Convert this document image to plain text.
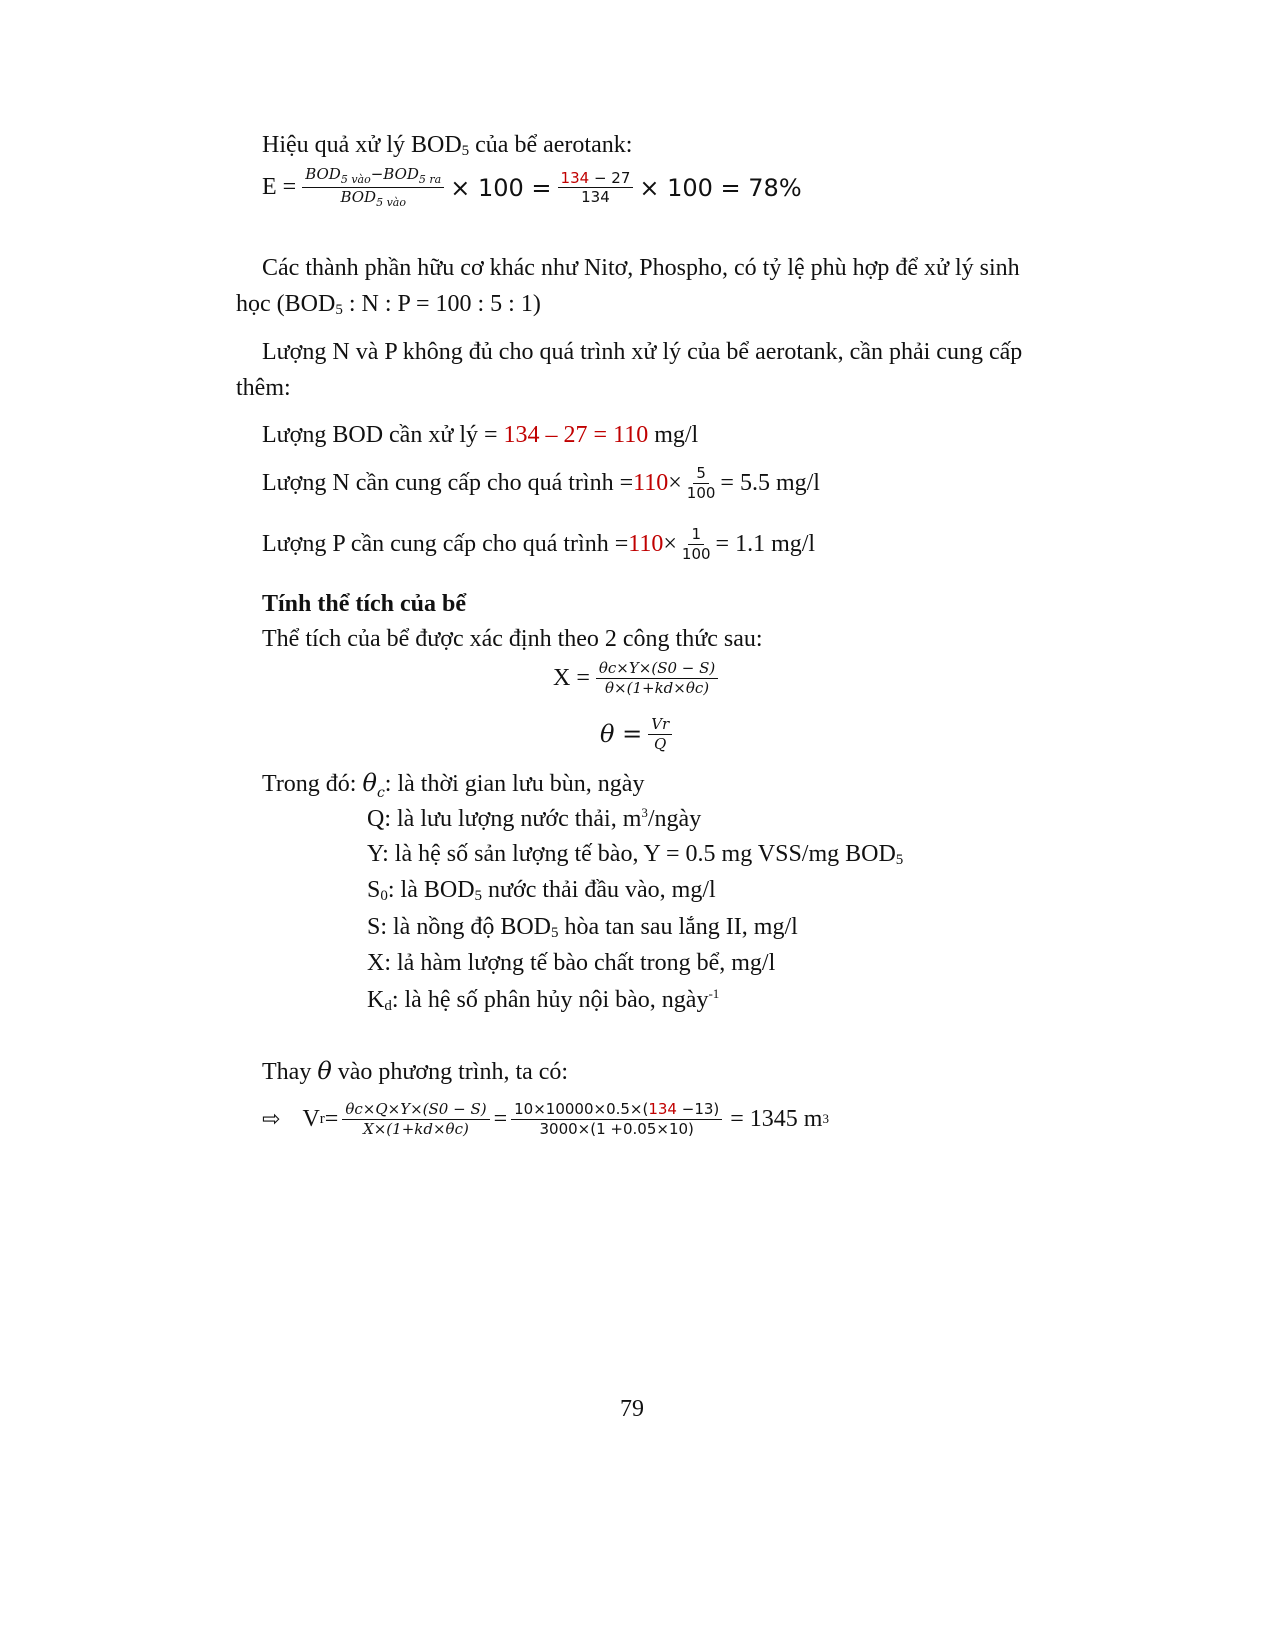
Hiệu quả xử lý $BOD_5$ của bể aerotank:
$E = \frac{BOD_{5 vào}-BOD_{5 ra}}{BOD_{5 vào}} \times 100 = \frac{134 - 27}{134} \times 100 = 78\%$
Các thành phần hữu cơ khác như Nitơ, Phospho, có tỷ lệ phù hợp để xử lý sinh
học ($BOD_5$ : N : P = 100 : 5 : 1)
Lượng N và P không đủ cho quá trình xử lý của bể aerotank, cần phải cung cấp
thêm:
Lượng BOD cần xử lý = 134 – 27 = 110 mg/l
Lượng N cần cung cấp cho quá trình = $110 \times \frac{5}{100} = 5.5$ mg/l
Lượng P cần cung cấp cho quá trình = $110 \times \frac{1}{100} = 1.1$ mg/l
Tính thể tích của bể
Thể tích của bể được xác định theo 2 công thức sau:
$X = \frac{\theta c\times Y\times(S0 - S)}{\theta\times(1+kd\times\theta c)}$
$\theta = \frac{Vr}{Q}$
Trong đó: $\theta_c$: là thời gian lưu bùn, ngày
Q: là lưu lượng nước thải, $m^3$/ngày
Y: là hệ số sản lượng tế bào, Y = 0.5 mg VSS/mg $BOD_5$
$S_0$: là $BOD_5$ nước thải đầu vào, mg/l
S: là nồng độ $BOD_5$ hòa tan sau lắng II, mg/l
X: lả hàm lượng tế bào chất trong bể, mg/l
$K_d$: là hệ số phân hủy nội bào, ngày$^{-1}$
Thay θ vào phương trình, ta có:
⇨ V $r = \frac{\theta c\times Q\times Y\times(S0 - S)}{X\times(1+kd\times\theta c)} = \frac{10\times 10000\times 0.5\times(134 -13)}{3000\times(1 +0.05\times 10)} = 1345$ m 3
79
